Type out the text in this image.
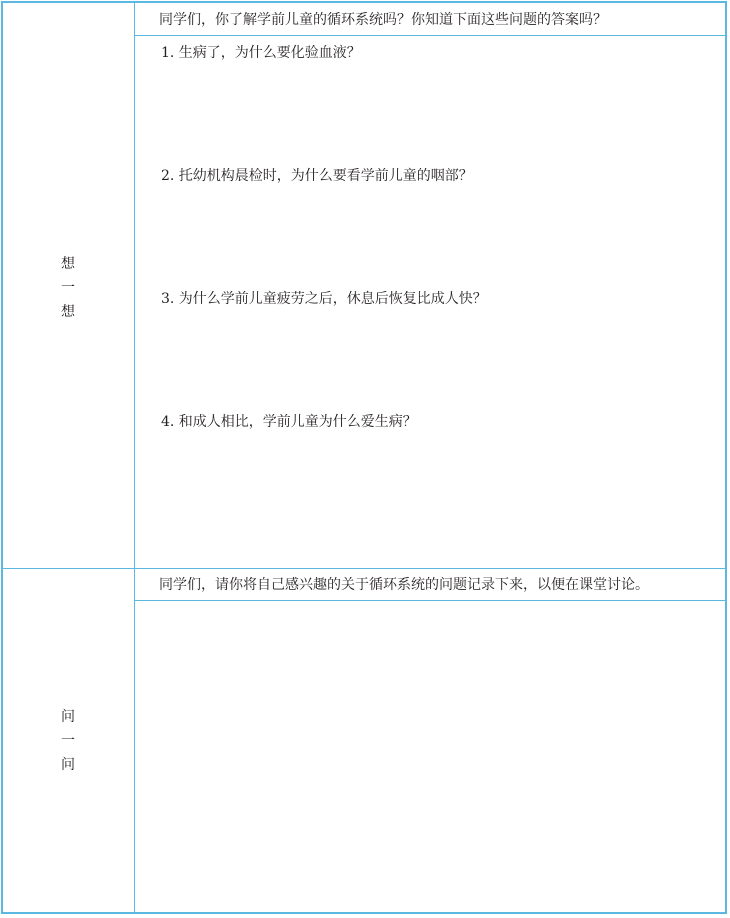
想
一
想
同学们，你了解学前儿童的循环系统吗？你知道下面这些问题的答案吗？
1. 生病了，为什么要化验血液？
2. 托幼机构晨检时，为什么要看学前儿童的咽部？
3. 为什么学前儿童疲劳之后，休息后恢复比成人快？
4. 和成人相比，学前儿童为什么爱生病？
问
一
问
同学们，请你将自己感兴趣的关于循环系统的问题记录下来，以便在课堂讨论。
